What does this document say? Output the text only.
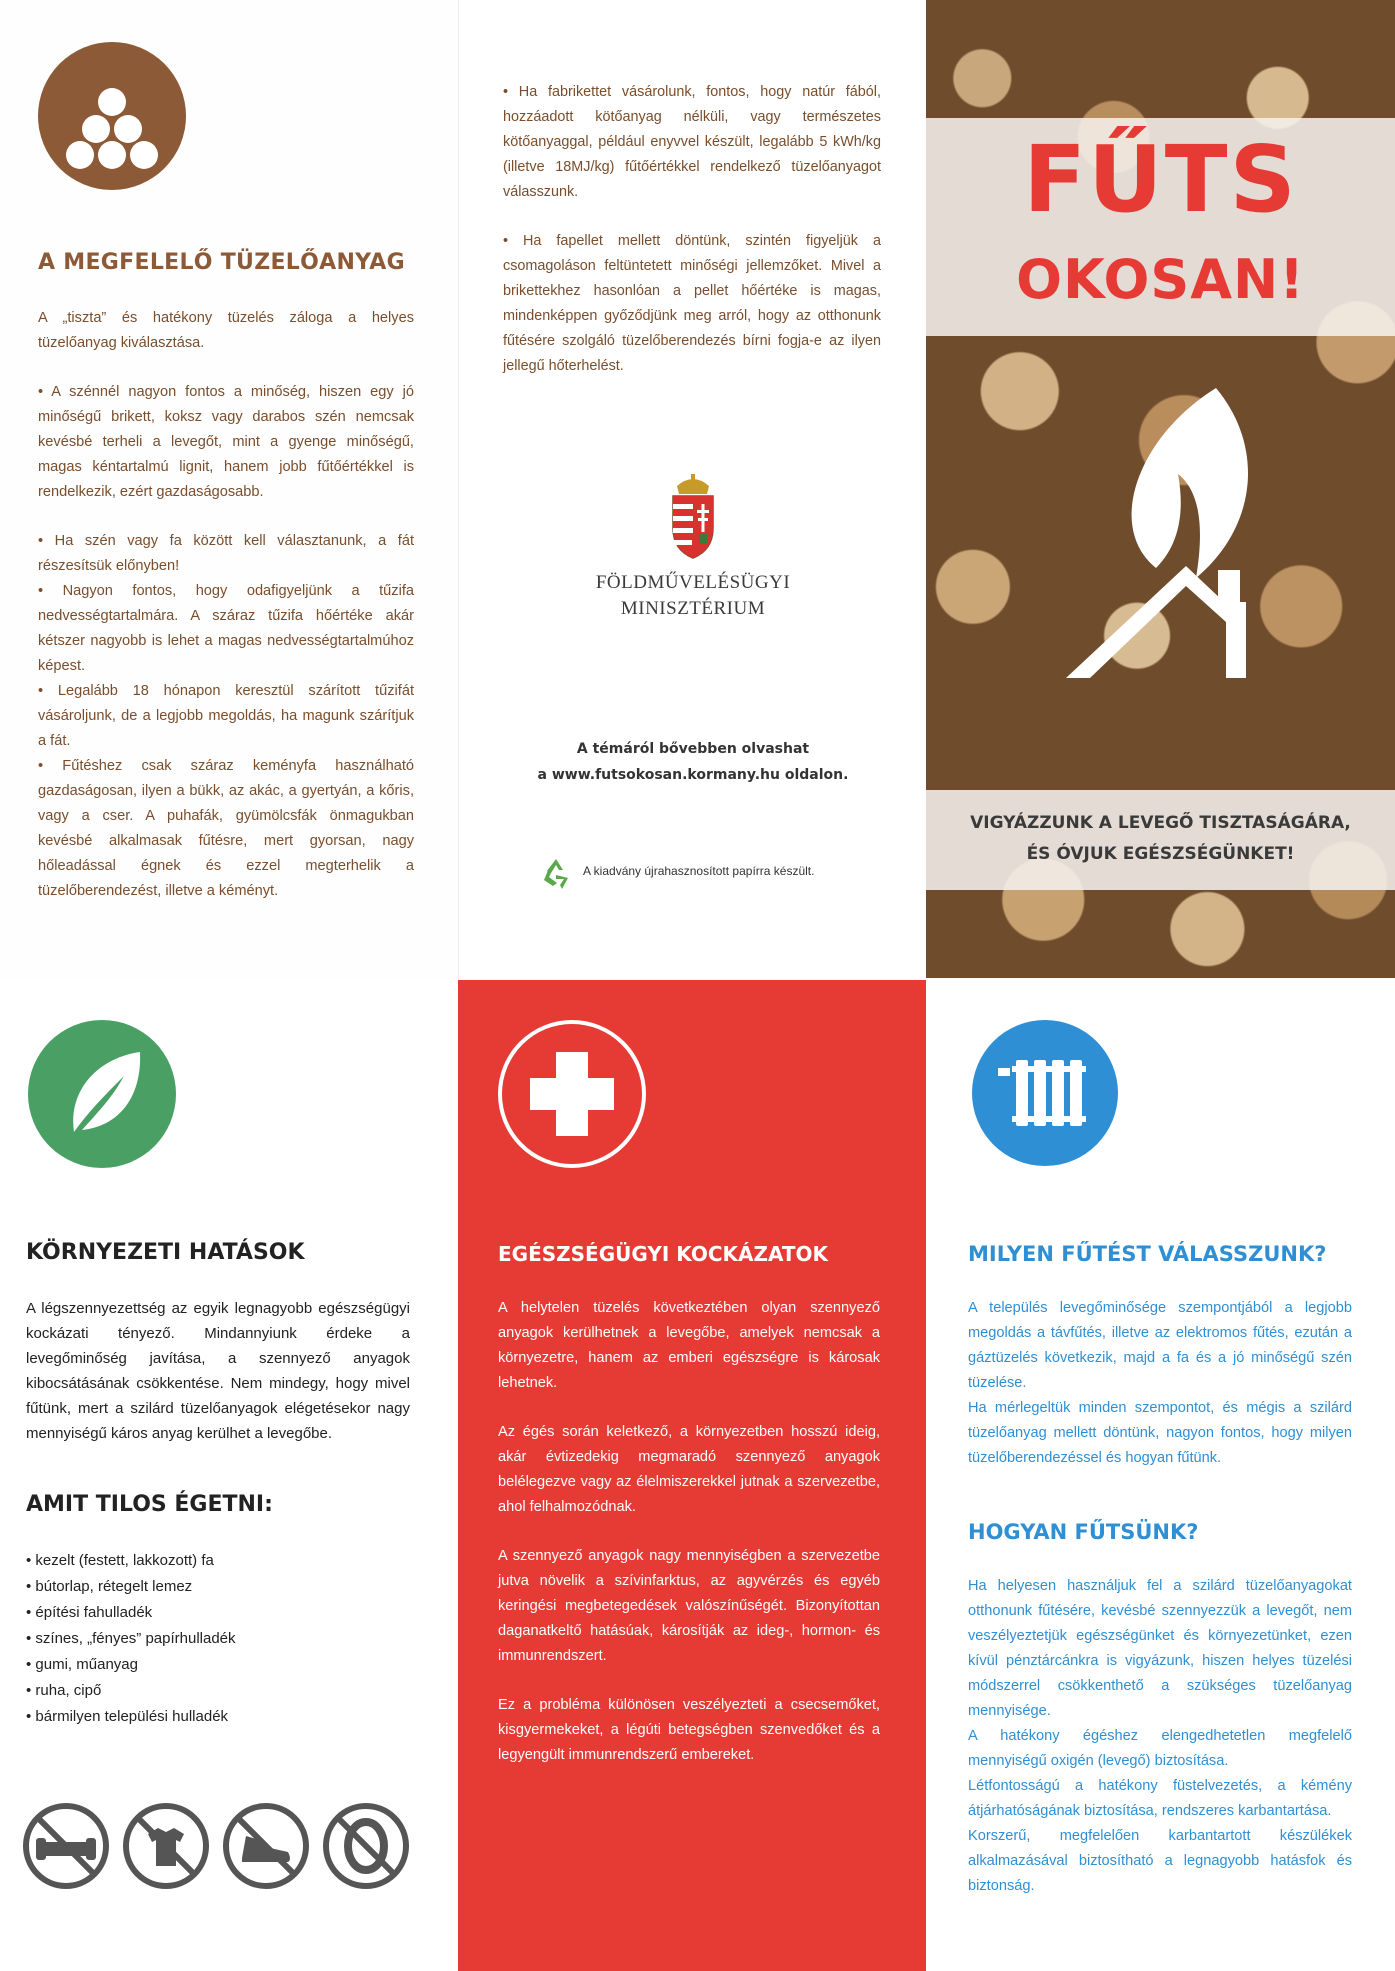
A MEGFELELŐ TÜZELŐANYAG

A „tiszta” és hatékony tüzelés záloga a helyes tüzelőanyag kiválasztása.

• A szénnél nagyon fontos a minőség, hiszen egy jó minőségű brikett, koksz vagy darabos szén nemcsak kevésbé terheli a levegőt, mint a gyenge minőségű, magas kéntartalmú lignit, hanem jobb fűtőértékkel is rendelkezik, ezért gazdaságosabb.

• Ha szén vagy fa között kell választanunk, a fát részesítsük előnyben!

• Nagyon fontos, hogy odafigyeljünk a tűzifa nedvességtartalmára. A száraz tűzifa hőértéke akár kétszer nagyobb is lehet a magas nedvességtartalmúhoz képest.

• Legalább 18 hónapon keresztül szárított tűzifát vásároljunk, de a legjobb megoldás, ha magunk szárítjuk a fát.

• Fűtéshez csak száraz keményfa használható gazdaságosan, ilyen a bükk, az akác, a gyertyán, a kőris, vagy a cser. A puhafák, gyümölcsfák önmagukban kevésbé alkalmasak fűtésre, mert gyorsan, nagy hőleadással égnek és ezzel megterhelik a tüzelőberendezést, illetve a kéményt.

• Ha fabrikettet vásárolunk, fontos, hogy natúr fából, hozzáadott kötőanyag nélküli, vagy természetes kötőanyaggal, például enyvvel készült, legalább 5 kWh/kg (illetve 18MJ/kg) fűtőértékkel rendelkező tüzelőanyagot válasszunk.

• Ha fapellet mellett döntünk, szintén figyeljük a csomagoláson feltüntetett minőségi jellemzőket. Mivel a brikettekhez hasonlóan a pellet hőértéke is magas, mindenképpen győződjünk meg arról, hogy az otthonunk fűtésére szolgáló tüzelőberendezés bírni fogja-e az ilyen jellegű hőterhelést.

FÖLDMŰVELÉSÜGYI
MINISZTÉRIUM
A témáról bővebben olvashat
a www.futsokosan.kormany.hu oldalon.
A kiadvány újrahasznosított papírra készült.
FŰTS
OKOSAN!

VIGYÁZZUNK A LEVEGŐ TISZTASÁGÁRA,

ÉS ÓVJUK EGÉSZSÉGÜNKET!

KÖRNYEZETI HATÁSOK

A légszennyezettség az egyik legnagyobb egészségügyi kockázati tényező. Mindannyiunk érdeke a levegőminőség javítása, a szennyező anyagok kibocsátásának csökkentése. Nem mindegy, hogy mivel fűtünk, mert a szilárd tüzelőanyagok elégetésekor nagy mennyiségű káros anyag kerülhet a levegőbe.

AMIT TILOS ÉGETNI:
• kezelt (festett, lakkozott) fa
• bútorlap, rétegelt lemez
• építési fahulladék
• színes, „fényes” papírhulladék
• gumi, műanyag
• ruha, cipő
• bármilyen települési hulladék
EGÉSZSÉGÜGYI KOCKÁZATOK

A helytelen tüzelés következtében olyan szennyező anyagok kerülhetnek a levegőbe, amelyek nemcsak a környezetre, hanem az emberi egészségre is károsak lehetnek.

Az égés során keletkező, a környezetben hosszú ideig, akár évtizedekig megmaradó szennyező anyagok belélegezve vagy az élelmiszerekkel jutnak a szervezetbe, ahol felhalmozódnak.

A szennyező anyagok nagy mennyiségben a szervezetbe jutva növelik a szívinfarktus, az agyvérzés és egyéb keringési megbetegedések valószínűségét. Bizonyítottan daganatkeltő hatásúak, károsítják az ideg-, hormon- és immunrendszert.

Ez a probléma különösen veszélyezteti a csecsemőket, kisgyermekeket, a légúti betegségben szenvedőket és a legyengült immunrendszerű embereket.

MILYEN FŰTÉST VÁLASSZUNK?

A település levegőminősége szempontjából a legjobb megoldás a távfűtés, illetve az elektromos fűtés, ezután a gáztüzelés következik, majd a fa és a jó minőségű szén tüzelése.

Ha mérlegeltük minden szempontot, és mégis a szilárd tüzelőanyag mellett döntünk, nagyon fontos, hogy milyen tüzelőberendezéssel és hogyan fűtünk.

HOGYAN FŰTSÜNK?

Ha helyesen használjuk fel a szilárd tüzelőanyagokat otthonunk fűtésére, kevésbé szennyezzük a levegőt, nem veszélyeztetjük egészségünket és környezetünket, ezen kívül pénztárcánkra is vigyázunk, hiszen helyes tüzelési módszerrel csökkenthető a szükséges tüzelőanyag mennyisége.

A hatékony égéshez elengedhetetlen megfelelő mennyiségű oxigén (levegő) biztosítása.

Létfontosságú a hatékony füstelvezetés, a kémény átjárhatóságának biztosítása, rendszeres karbantartása.

Korszerű, megfelelően karbantartott készülékek alkalmazásával biztosítható a legnagyobb hatásfok és biztonság.
